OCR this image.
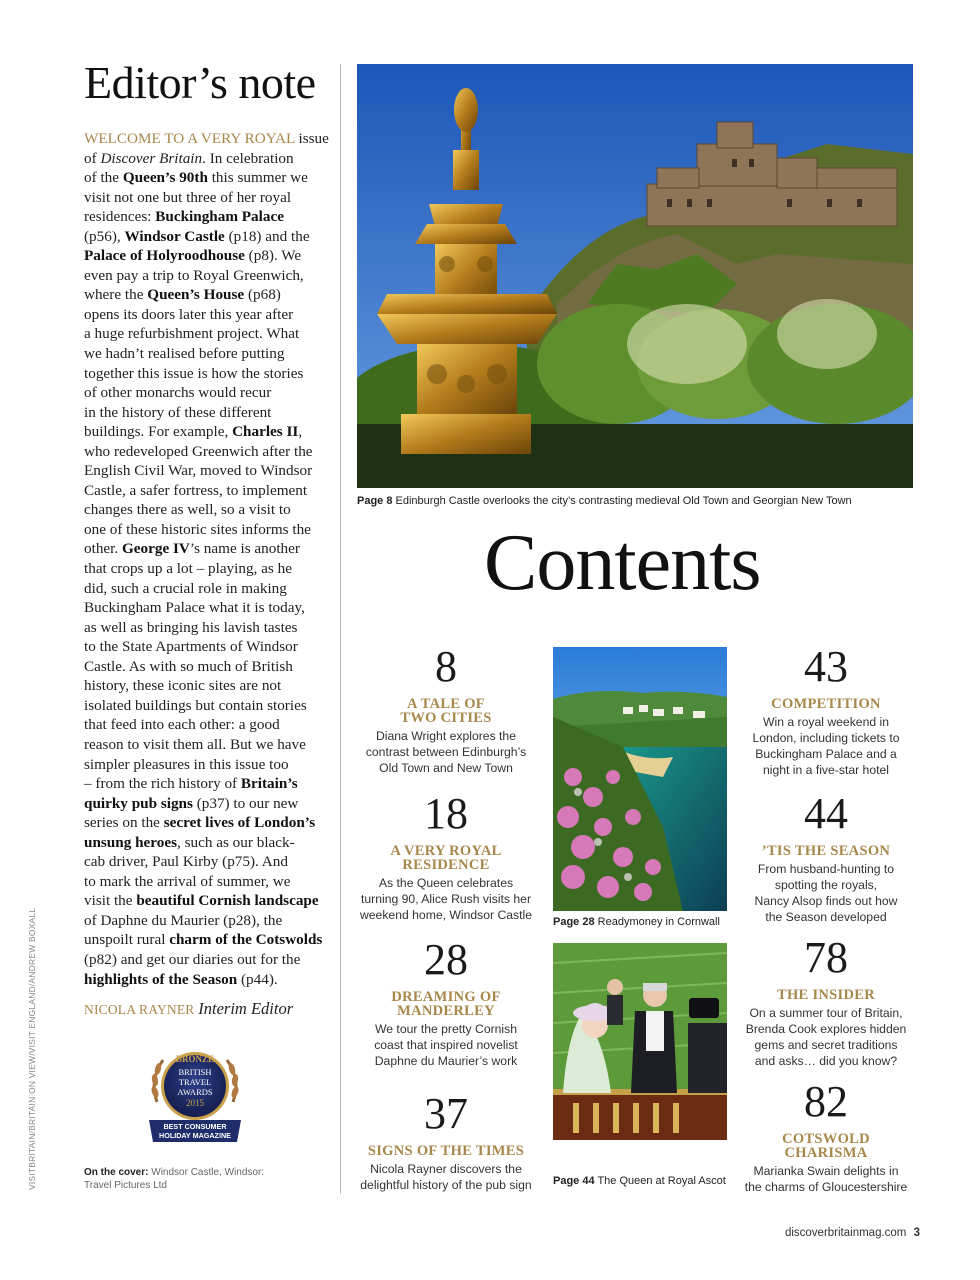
Editor’s note
WELCOME TO A VERY ROYAL issue
of Discover Britain. In celebration
of the Queen’s 90th this summer we
visit not one but three of her royal
residences: Buckingham Palace
(p56), Windsor Castle (p18) and the
Palace of Holyroodhouse (p8). We
even pay a trip to Royal Greenwich,
where the Queen’s House (p68)
opens its doors later this year after
a huge refurbishment project. What
we hadn’t realised before putting
together this issue is how the stories
of other monarchs would recur
in the history of these different
buildings. For example, Charles II,
who redeveloped Greenwich after the
English Civil War, moved to Windsor
Castle, a safer fortress, to implement
changes there as well, so a visit to
one of these historic sites informs the
other. George IV’s name is another
that crops up a lot – playing, as he
did, such a crucial role in making
Buckingham Palace what it is today,
as well as bringing his lavish tastes
to the State Apartments of Windsor
Castle. As with so much of British
history, these iconic sites are not
isolated buildings but contain stories
that feed into each other: a good
reason to visit them all. But we have
simpler pleasures in this issue too
– from the rich history of Britain’s
quirky pub signs (p37) to our new
series on the secret lives of London’s
unsung heroes, such as our black-
cab driver, Paul Kirby (p75). And
to mark the arrival of summer, we
visit the beautiful Cornish landscape
of Daphne du Maurier (p28), the
unspoilt rural charm of the Cotswolds
(p82) and get our diaries out for the
highlights of the Season (p44).
NICOLA RAYNER Interim Editor
BRONZE
BRITISH
TRAVEL
AWARDS
2015
BEST CONSUMER
HOLIDAY MAGAZINE
On the cover: Windsor Castle, Windsor:
Travel Pictures Ltd
VISITBRITAIN/BRITAIN ON VIEW/VISIT ENGLAND/ANDREW BOXALL
Page 8 Edinburgh Castle overlooks the city’s contrasting medieval Old Town and Georgian New Town
Contents
8
A TALE OF
TWO CITIES
Diana Wright explores the
contrast between Edinburgh’s
Old Town and New Town
18
A VERY ROYAL
RESIDENCE
As the Queen celebrates
turning 90, Alice Rush visits her
weekend home, Windsor Castle
28
DREAMING OF
MANDERLEY
We tour the pretty Cornish
coast that inspired novelist
Daphne du Maurier’s work
37
SIGNS OF THE TIMES
Nicola Rayner discovers the
delightful history of the pub sign
43
COMPETITION
Win a royal weekend in
London, including tickets to
Buckingham Palace and a
night in a five-star hotel
44
’TIS THE SEASON
From husband-hunting to
spotting the royals,
Nancy Alsop finds out how
the Season developed
78
THE INSIDER
On a summer tour of Britain,
Brenda Cook explores hidden
gems and secret traditions
and asks… did you know?
82
COTSWOLD
CHARISMA
Marianka Swain delights in
the charms of Gloucestershire
Page 28 Readymoney in Cornwall
Page 44 The Queen at Royal Ascot
discoverbritainmag.com 3
